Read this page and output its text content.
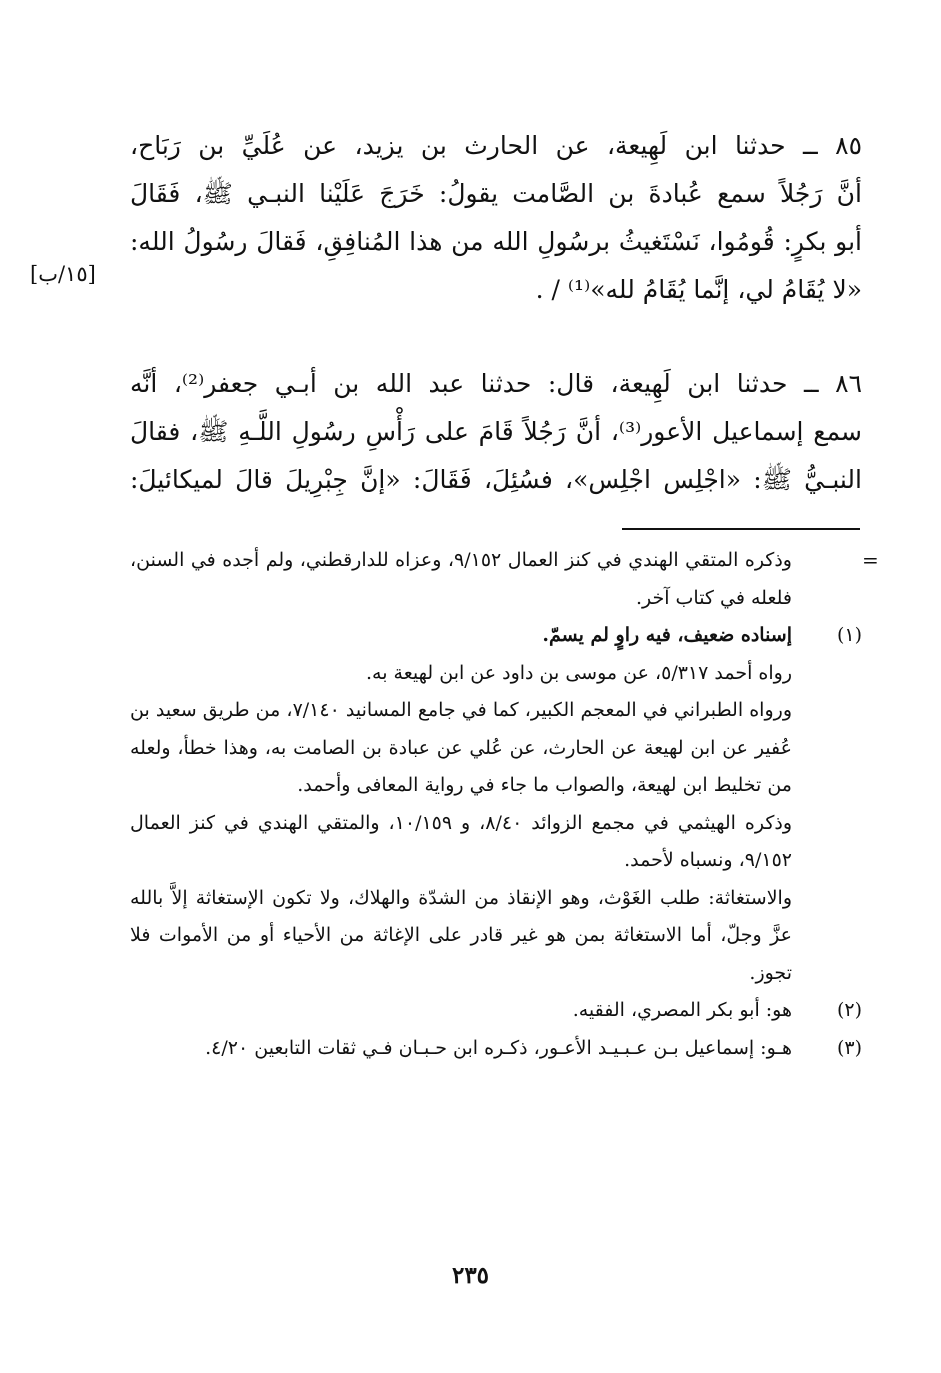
٨٥ ــ حدثنا ابن لَهِيعة، عن الحارث بن يزيد، عن عُلَيِّ بن رَبَاح،
أنَّ رَجُلاً سمع عُبادةَ بن الصَّامت يقولُ: خَرَجَ عَلَيْنا النبـي ﷺ، فَقَالَ
أبو بكرٍ: قُومُوا، نَسْتَغيثُ برسُولِ الله من هذا المُنافِقِ، فَقالَ رسُولُ الله:
«لا يُقَامُ لي، إنَّما يُقَامُ لله»⁽¹⁾ / .
[١٥/ب]
٨٦ ــ حدثنا ابن لَهِيعة، قال: حدثنا عبد الله بن أبـي جعفر⁽²⁾، أنَّه
سمع إسماعيل الأعور⁽³⁾، أنَّ رَجُلاً قَامَ على رَأْسِ رسُولِ اللَّـهِ ﷺ، فقالَ
النبـيُّ ﷺ: «اجْلِس اجْلِس»، فسُئِلَ، فَقَالَ: «إنَّ جِبْرِيلَ قالَ لميكائيلَ:
=

وذكره المتقي الهندي في كنز العمال ٩/١٥٢، وعزاه للدارقطني، ولم أجده في السنن، فلعله في كتاب آخر.

(١)

إسناده ضعيف، فيه راوٍ لم يسمّ.

رواه أحمد ٥/٣١٧، عن موسى بن داود عن ابن لهيعة به.

ورواه الطبراني في المعجم الكبير، كما في جامع المسانيد ٧/١٤٠، من طريق سعيد بن عُفير عن ابن لهيعة عن الحارث، عن عُلي عن عبادة بن الصامت به، وهذا خطأ، ولعله من تخليط ابن لهيعة، والصواب ما جاء في رواية المعافى وأحمد.

وذكره الهيثمي في مجمع الزوائد ٨/٤٠، و ١٠/١٥٩، والمتقي الهندي في كنز العمال ٩/١٥٢، ونسباه لأحمد.

والاستغاثة: طلب الغَوْث، وهو الإنقاذ من الشدّة والهلاك، ولا تكون الإستغاثة إلاَّ بالله عزَّ وجلّ، أما الاستغاثة بمن هو غير قادر على الإغاثة من الأحياء أو من الأموات فلا تجوز.

(٢)

هو: أبو بكر المصري، الفقيه.

(٣)

هـو: إسماعيل بـن عـبـيـد الأعـور، ذكـره ابن حـبـان فـي ثقات التابعين ٤/٢٠.

٢٣٥
